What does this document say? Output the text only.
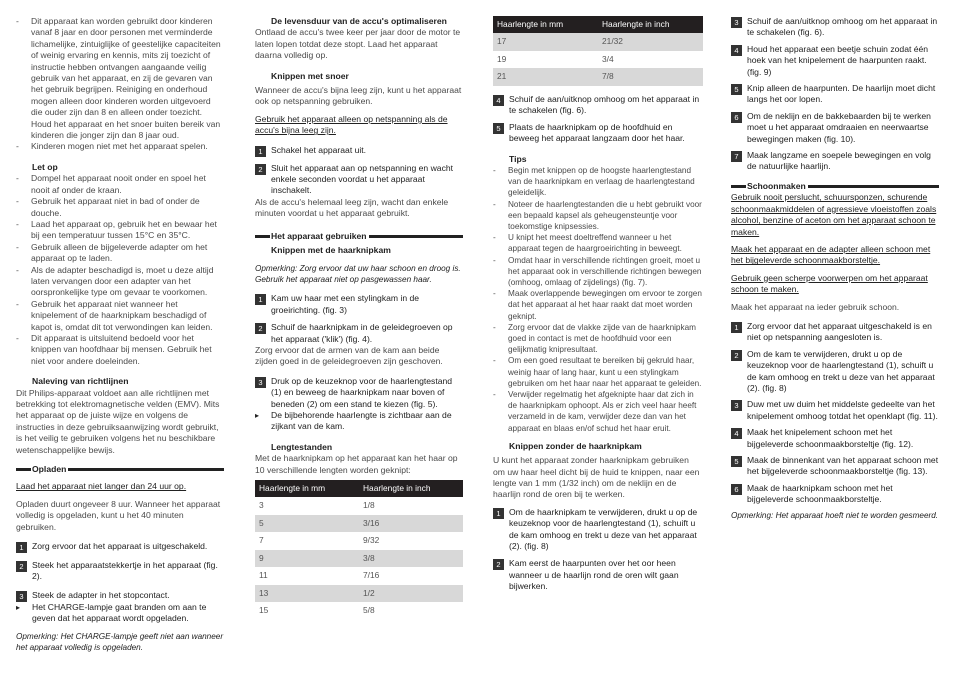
-	Dit apparaat kan worden gebruikt door kinderen vanaf 8 jaar en door personen met verminderde lichamelijke, zintuiglijke of geestelijke capaciteiten of weinig ervaring en kennis, mits zij toezicht of instructie hebben ontvangen aangaande veilig gebruik van het apparaat, en zij de gevaren van het gebruik begrijpen. Reiniging en onderhoud mogen alleen door kinderen worden uitgevoerd die ouder zijn dan 8 en alleen onder toezicht. Houd het apparaat en het snoer buiten bereik van kinderen die jonger zijn dan 8 jaar oud.
-	Kinderen mogen niet met het apparaat spelen.
Let op
-	Dompel het apparaat nooit onder en spoel het nooit af onder de kraan.
-	Gebruik het apparaat niet in bad of onder de douche.
-	Laad het apparaat op, gebruik het en bewaar het bij een temperatuur tussen 15°C en 35°C.
-	Gebruik alleen de bijgeleverde adapter om het apparaat op te laden.
-	Als de adapter beschadigd is, moet u deze altijd laten vervangen door een adapter van het oorspronkelijke type om gevaar te voorkomen.
-	Gebruik het apparaat niet wanneer het knipelement of de haarknipkam beschadigd of kapot is, omdat dit tot verwondingen kan leiden.
-	Dit apparaat is uitsluitend bedoeld voor het knippen van hoofdhaar bij mensen. Gebruik het niet voor andere doeleinden.
Naleving van richtlijnen
Dit Philips-apparaat voldoet aan alle richtlijnen met betrekking tot elektromagnetische velden (EMV). Mits het apparaat op de juiste wijze en volgens de instructies in deze gebruiksaanwijzing wordt gebruikt, is het veilig te gebruiken volgens het nu beschikbare wetenschappelijke bewijs.
Opladen
Laad het apparaat niet langer dan 24 uur op.
Opladen duurt ongeveer 8 uur. Wanneer het apparaat volledig is opgeladen, kunt u het 40 minuten gebruiken.
1 Zorg ervoor dat het apparaat is uitgeschakeld.
2 Steek het apparaatstekkertje in het apparaat (fig. 2).
3 Steek de adapter in het stopcontact.
▸	Het CHARGE-lampje gaat branden om aan te geven dat het apparaat wordt opgeladen.
Opmerking: Het CHARGE-lampje geeft niet aan wanneer het apparaat volledig is opgeladen.
De levensduur van de accu's optimaliseren
Ontlaad de accu's twee keer per jaar door de motor te laten lopen totdat deze stopt. Laad het apparaat daarna volledig op.
Knippen met snoer
Wanneer de accu's bijna leeg zijn, kunt u het apparaat ook op netspanning gebruiken.
Gebruik het apparaat alleen op netspanning als de accu's bijna leeg zijn.
1 Schakel het apparaat uit.
2 Sluit het apparaat aan op netspanning en wacht enkele seconden voordat u het apparaat inschakelt.
Als de accu's helemaal leeg zijn, wacht dan enkele minuten voordat u het apparaat gebruikt.
Het apparaat gebruiken
Knippen met de haarknipkam
Opmerking: Zorg ervoor dat uw haar schoon en droog is. Gebruik het apparaat niet op pasgewassen haar.
1 Kam uw haar met een stylingkam in de groeirichting. (fig. 3)
2 Schuif de haarknipkam in de geleidegroeven op het apparaat ('klik') (fig. 4).
Zorg ervoor dat de armen van de kam aan beide zijden goed in de geleidegroeven zijn geschoven.
3 Druk op de keuzeknop voor de haarlengtestand (1) en beweeg de haarknipkam naar boven of beneden (2) om een stand te kiezen (fig. 5).
▸	De bijbehorende haarlengte is zichtbaar aan de zijkant van de kam.
Lengtestanden
Met de haarknipkam op het apparaat kan het haar op 10 verschillende lengten worden geknipt:
Haarlengte in mm	Haarlengte in inch
3	1/8
5	3/16
7	9/32
9	3/8
11	7/16
13	1/2
15	5/8
Haarlengte in mm	Haarlengte in inch
17	21/32
19	3/4
21	7/8
4 Schuif de aan/uitknop omhoog om het apparaat in te schakelen (fig. 6).
5 Plaats de haarknipkam op de hoofdhuid en beweeg het apparaat langzaam door het haar.
Tips
-	Begin met knippen op de hoogste haarlengtestand van de haarknipkam en verlaag de haarlengtestand geleidelijk.
-	Noteer de haarlengtestanden die u hebt gebruikt voor een bepaald kapsel als geheugensteuntje voor toekomstige knipsessies.
-	U knipt het meest doeltreffend wanneer u het apparaat tegen de haargroeirichting in beweegt.
-	Omdat haar in verschillende richtingen groeit, moet u het apparaat ook in verschillende richtingen bewegen (omhoog, omlaag of zijdelings) (fig. 7).
-	Maak overlappende bewegingen om ervoor te zorgen dat het apparaat al het haar raakt dat moet worden geknipt.
-	Zorg ervoor dat de vlakke zijde van de haarknipkam goed in contact is met de hoofdhuid voor een gelijkmatig knipresultaat.
-	Om een goed resultaat te bereiken bij gekruld haar, weinig haar of lang haar, kunt u een stylingkam gebruiken om het haar naar het apparaat te geleiden.
-	Verwijder regelmatig het afgeknipte haar dat zich in de haarknipkam ophoopt. Als er zich veel haar heeft verzameld in de kam, verwijder deze dan van het apparaat en blaas en/of schud het haar eruit.
Knippen zonder de haarknipkam
U kunt het apparaat zonder haarknipkam gebruiken om uw haar heel dicht bij de huid te knippen, naar een lengte van 1 mm (1/32 inch) om de neklijn en de haarlijn rond de oren bij te werken.
1 Om de haarknipkam te verwijderen, drukt u op de keuzeknop voor de haarlengtestand (1), schuift u de kam omhoog en trekt u deze van het apparaat (2). (fig. 8)
2 Kam eerst de haarpunten over het oor heen wanneer u de haarlijn rond de oren wilt gaan bijwerken.
3 Schuif de aan/uitknop omhoog om het apparaat in te schakelen (fig. 6).
4 Houd het apparaat een beetje schuin zodat één hoek van het knipelement de haarpunten raakt. (fig. 9)
5 Knip alleen de haarpunten. De haarlijn moet dicht langs het oor lopen.
6 Om de neklijn en de bakkebaarden bij te werken moet u het apparaat omdraaien en neerwaartse bewegingen maken (fig. 10).
7 Maak langzame en soepele bewegingen en volg de natuurlijke haarlijn.
Schoonmaken
Gebruik nooit perslucht, schuursponzen, schurende schoonmaakmiddelen of agressieve vloeistoffen zoals alcohol, benzine of aceton om het apparaat schoon te maken.
Maak het apparaat en de adapter alleen schoon met het bijgeleverde schoonmaakborsteltje.
Gebruik geen scherpe voorwerpen om het apparaat schoon te maken.
Maak het apparaat na ieder gebruik schoon.
1 Zorg ervoor dat het apparaat uitgeschakeld is en niet op netspanning aangesloten is.
2 Om de kam te verwijderen, drukt u op de keuzeknop voor de haarlengtestand (1), schuift u de kam omhoog en trekt u deze van het apparaat (2). (fig. 8)
3 Duw met uw duim het middelste gedeelte van het knipelement omhoog totdat het openklapt (fig. 11).
4 Maak het knipelement schoon met het bijgeleverde schoonmaakborsteltje (fig. 12).
5 Maak de binnenkant van het apparaat schoon met het bijgeleverde schoonmaakborsteltje (fig. 13).
6 Maak de haarknipkam schoon met het bijgeleverde schoonmaakborsteltje.
Opmerking: Het apparaat hoeft niet te worden gesmeerd.
